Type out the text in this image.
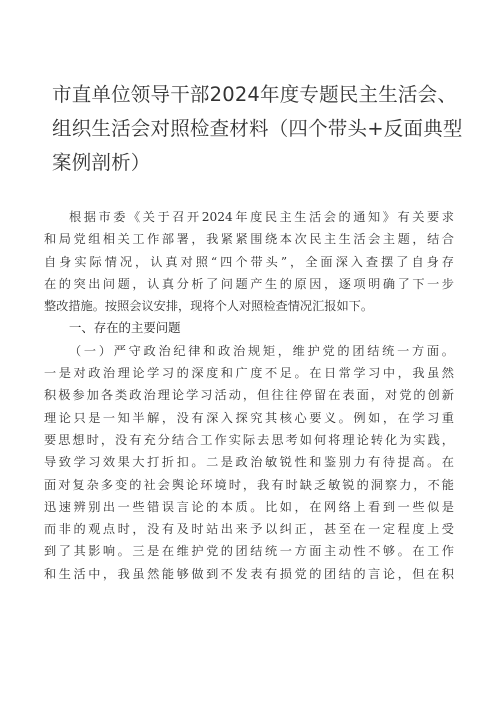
市直单位领导干部2024年度专题民主生活会、
组织生活会对照检查材料（四个带头+反面典型
案例剖析）
根据市委《关于召开2024年度民主生活会的通知》有关要求
和局党组相关工作部署，我紧紧围绕本次民主生活会主题，结合
自身实际情况，认真对照“四个带头”，全面深入查摆了自身存
在的突出问题，认真分析了问题产生的原因，逐项明确了下一步
整改措施。按照会议安排，现将个人对照检查情况汇报如下。
一、存在的主要问题
（一）严守政治纪律和政治规矩，维护党的团结统一方面。
一是对政治理论学习的深度和广度不足。在日常学习中，我虽然
积极参加各类政治理论学习活动，但往往停留在表面，对党的创新
理论只是一知半解，没有深入探究其核心要义。例如，在学习重
要思想时，没有充分结合工作实际去思考如何将理论转化为实践，
导致学习效果大打折扣。二是政治敏锐性和鉴别力有待提高。在
面对复杂多变的社会舆论环境时，我有时缺乏敏锐的洞察力，不能
迅速辨别出一些错误言论的本质。比如，在网络上看到一些似是
而非的观点时，没有及时站出来予以纠正，甚至在一定程度上受
到了其影响。三是在维护党的团结统一方面主动性不够。在工作
和生活中，我虽然能够做到不发表有损党的团结的言论，但在积
